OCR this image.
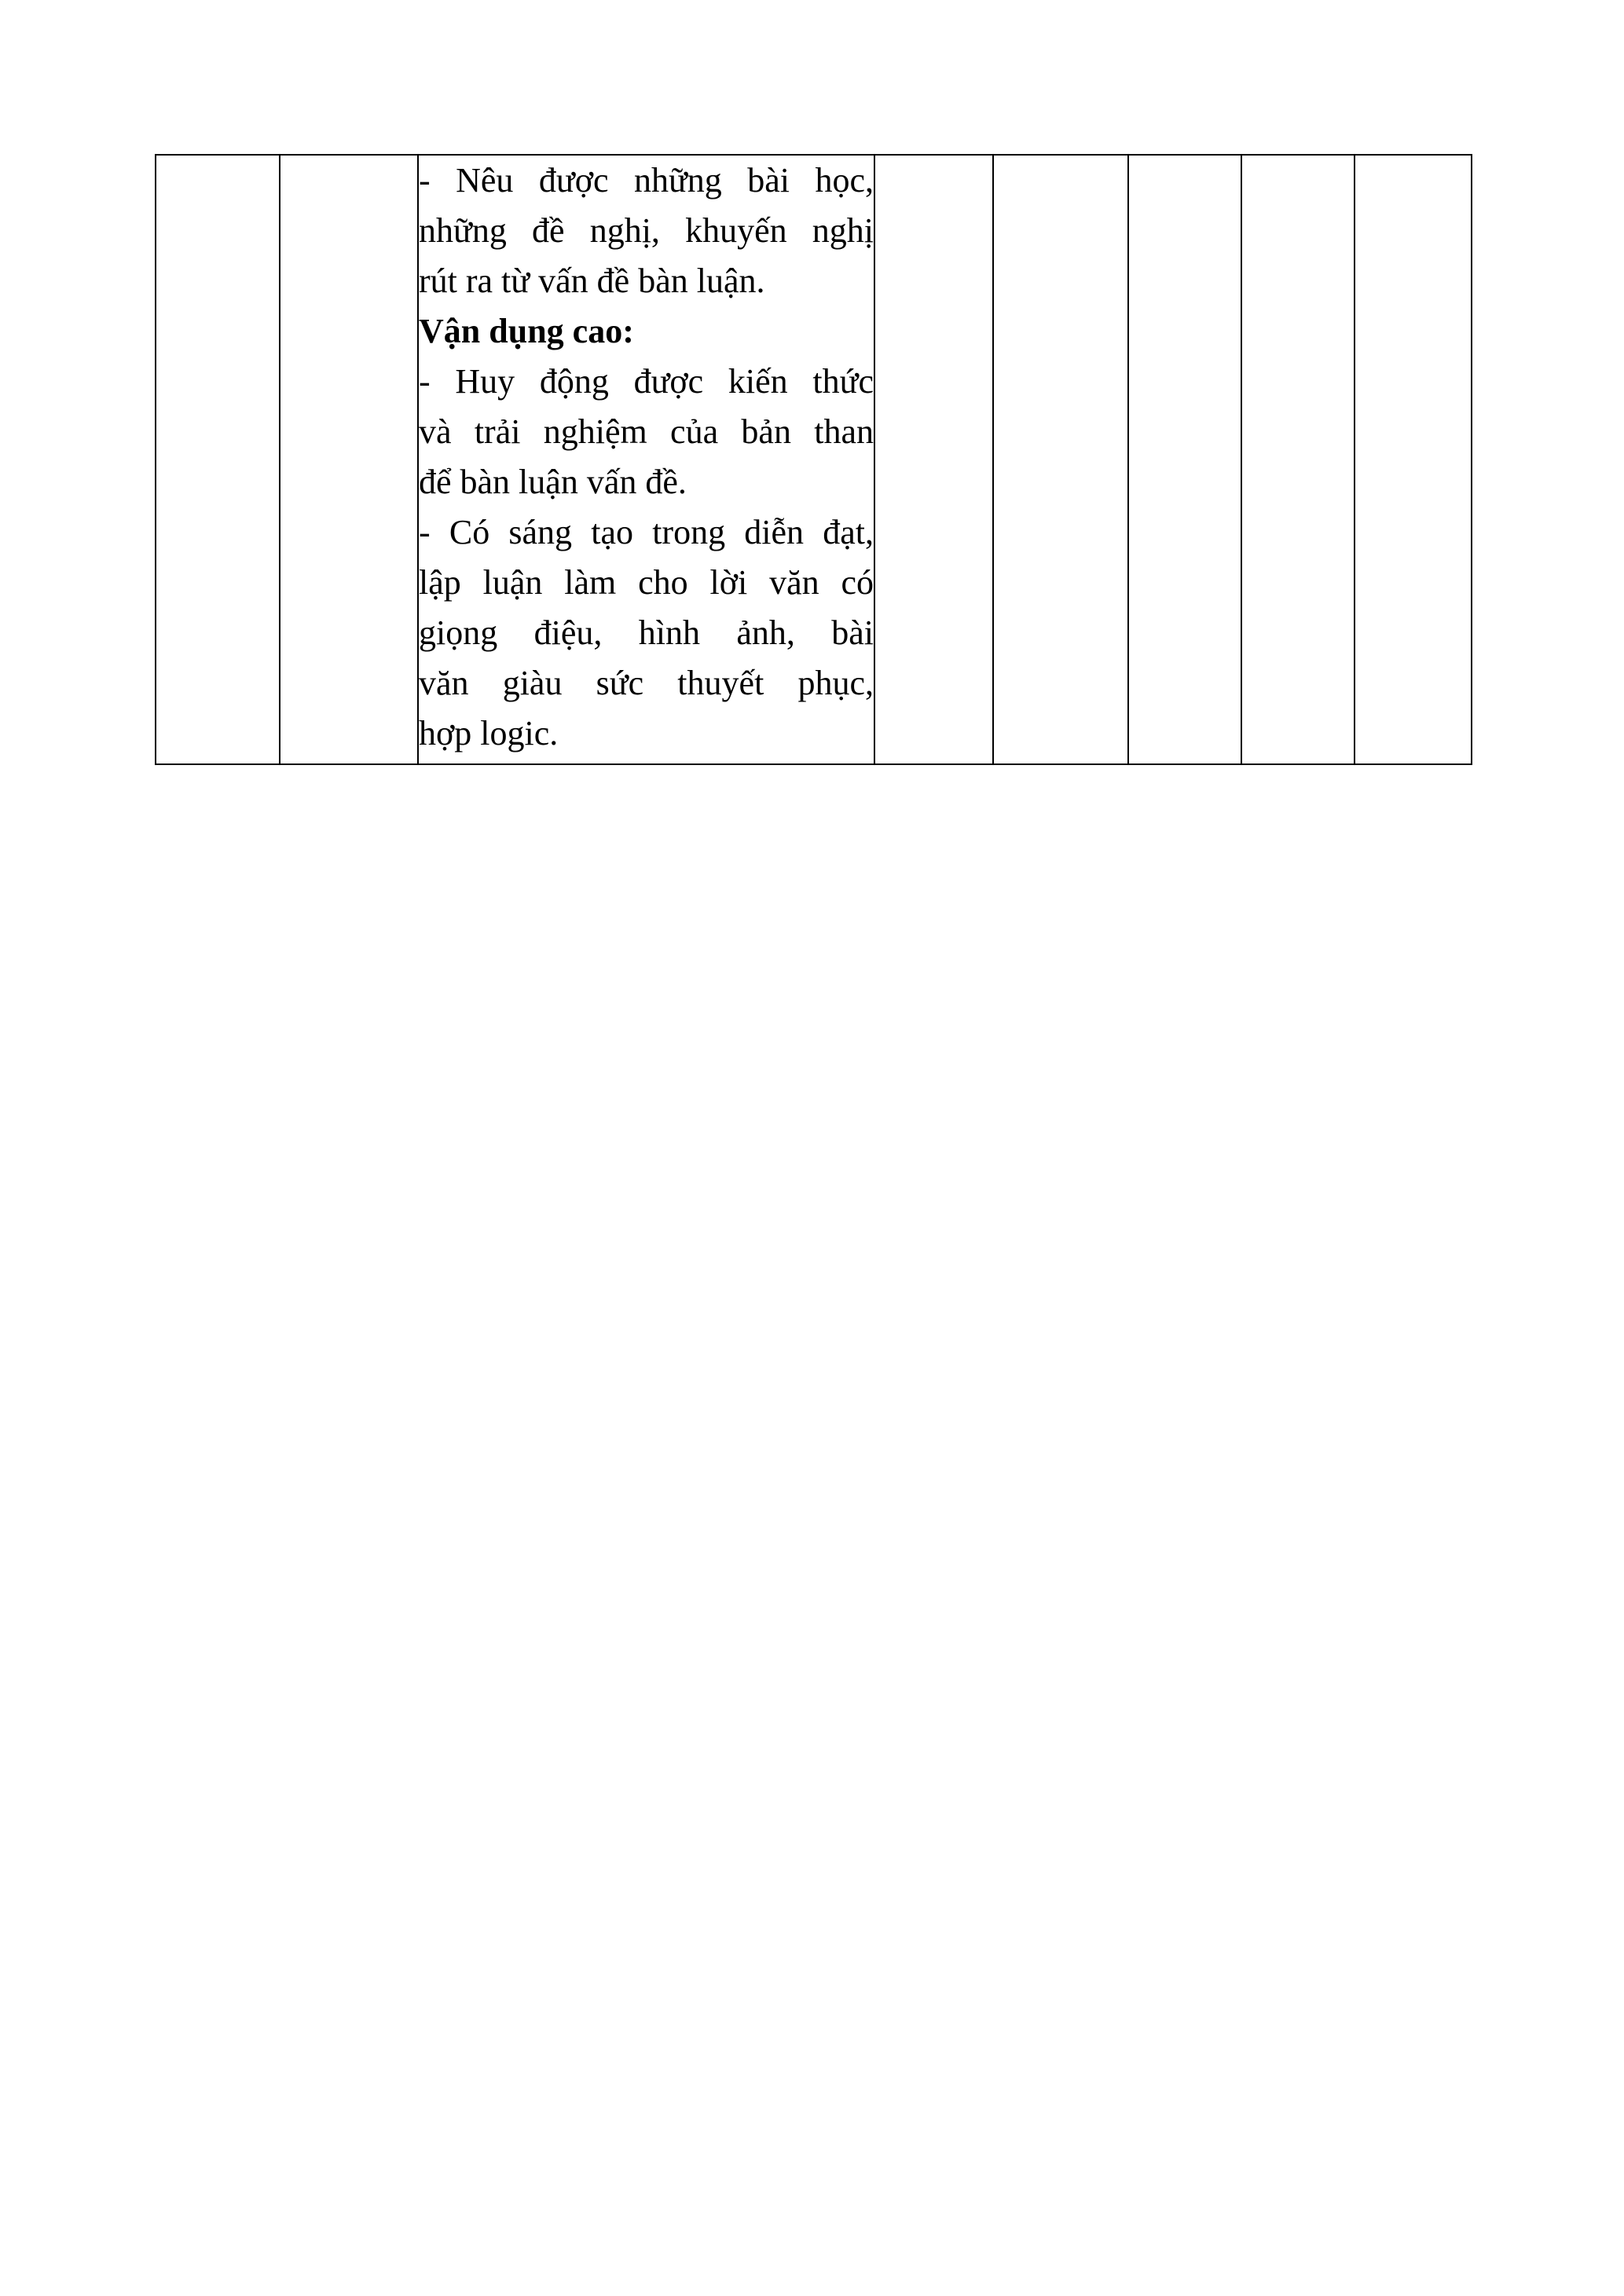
- Nêu được những bài học,
những đề nghị, khuyến nghị
rút ra từ vấn đề bàn luận.
Vận dụng cao:
- Huy động được kiến thức
và trải nghiệm của bản than
để bàn luận vấn đề.
- Có sáng tạo trong diễn đạt,
lập luận làm cho lời văn có
giọng điệu, hình ảnh, bài
văn giàu sức thuyết phục,
hợp logic.
